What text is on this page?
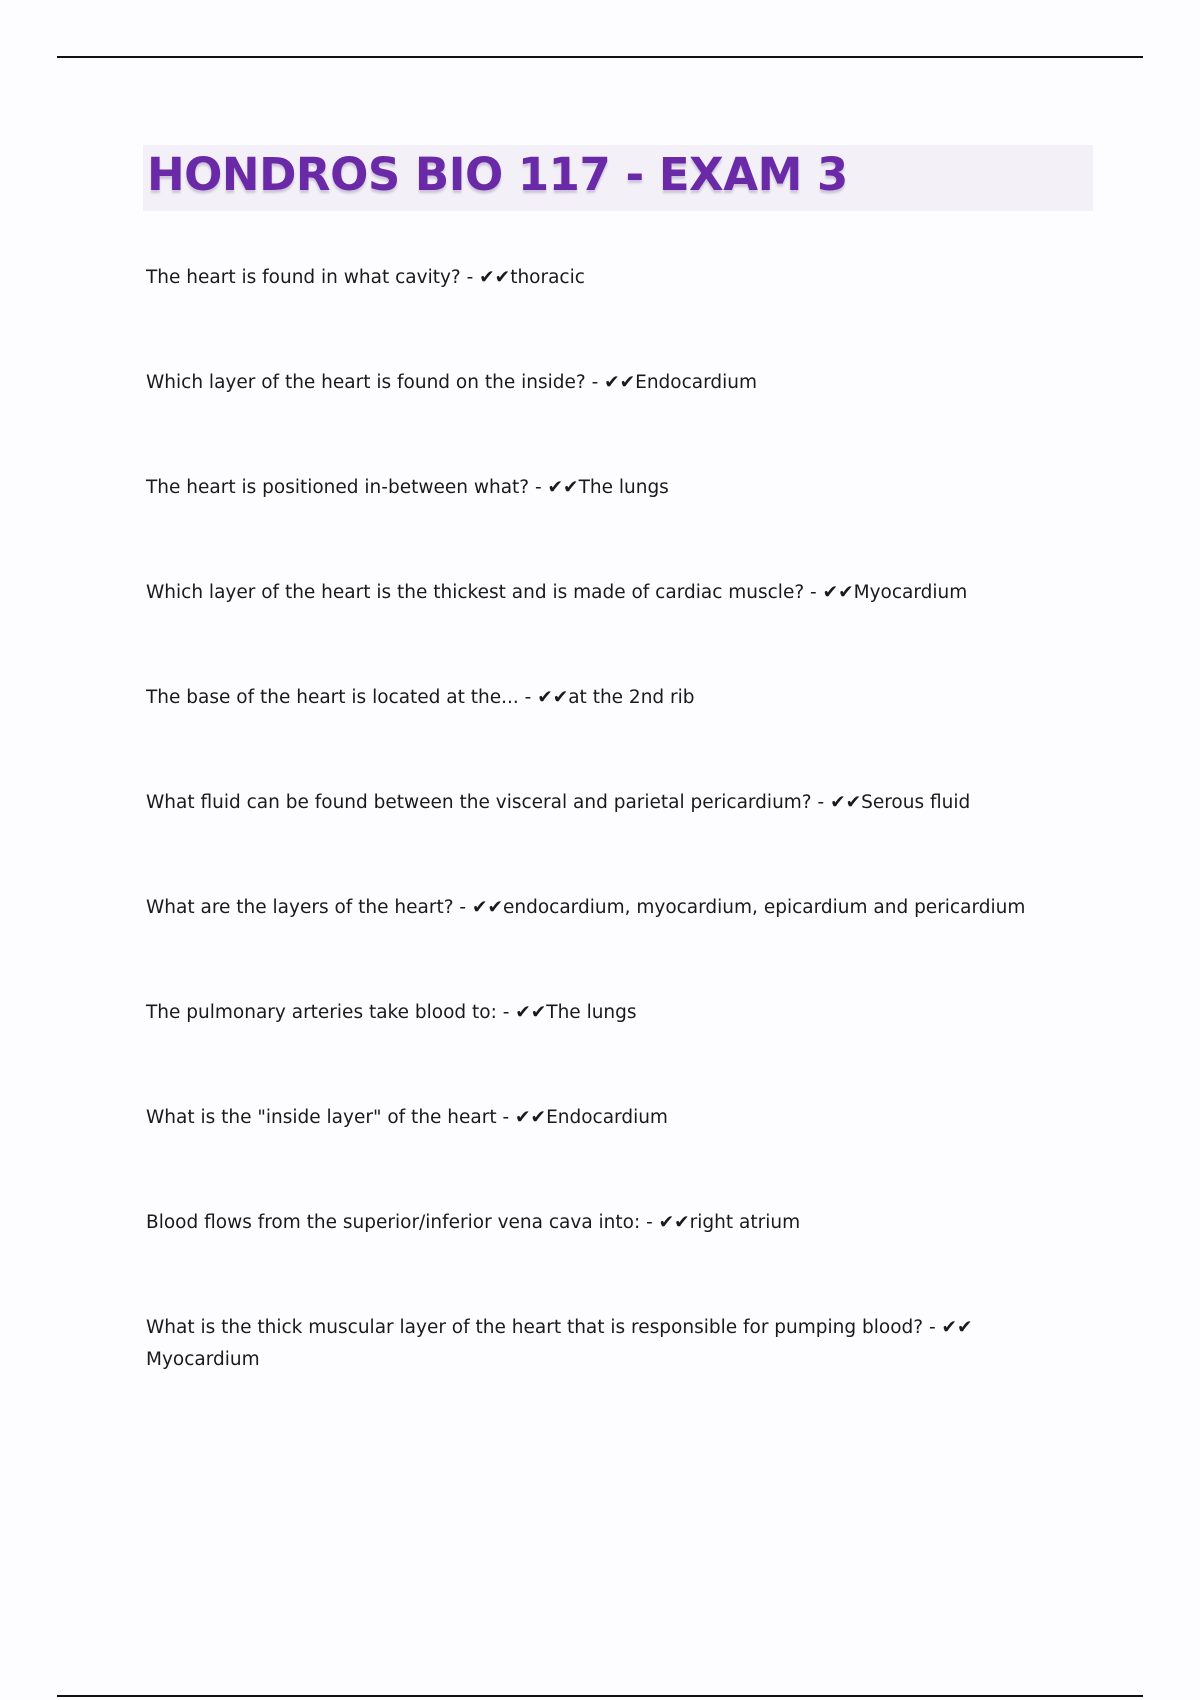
HONDROS BIO 117 - EXAM 3
The heart is found in what cavity? - ✔✔thoracic
Which layer of the heart is found on the inside? - ✔✔Endocardium
The heart is positioned in-between what? - ✔✔The lungs
Which layer of the heart is the thickest and is made of cardiac muscle? - ✔✔Myocardium
The base of the heart is located at the... - ✔✔at the 2nd rib
What fluid can be found between the visceral and parietal pericardium? - ✔✔Serous fluid
What are the layers of the heart? - ✔✔endocardium, myocardium, epicardium and pericardium
The pulmonary arteries take blood to: - ✔✔The lungs
What is the "inside layer" of the heart - ✔✔Endocardium
Blood flows from the superior/inferior vena cava into: - ✔✔right atrium
What is the thick muscular layer of the heart that is responsible for pumping blood? - ✔✔
Myocardium
